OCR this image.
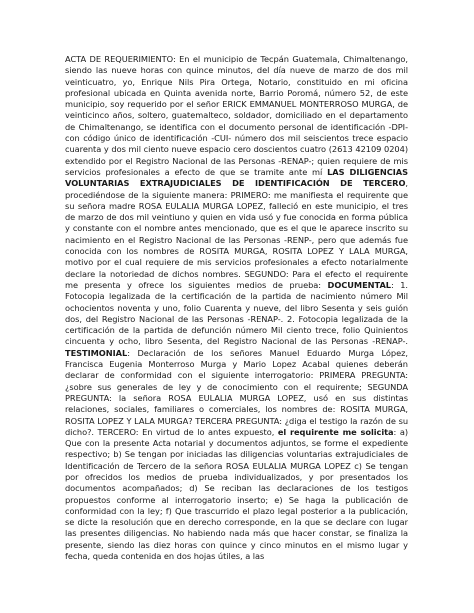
ACTA DE REQUERIMIENTO: En el municipio de Tecpán Guatemala, Chimaltenango, siendo las nueve horas con quince minutos, del día nueve de marzo de dos mil veinticuatro, yo, Enrique Nils Pira Ortega, Notario, constituido en mi oficina profesional ubicada en Quinta avenida norte, Barrio Poromá, número 52, de este municipio, soy requerido por el señor ERICK EMMANUEL MONTERROSO MURGA, de veinticinco años, soltero, guatemalteco, soldador, domiciliado en el departamento de Chimaltenango, se identifica con el documento personal de identificación -DPI- con código único de identificación -CUI- número dos mil seiscientos trece espacio cuarenta y dos mil ciento nueve espacio cero doscientos cuatro (2613 42109 0204) extendido por el Registro Nacional de las Personas -RENAP-; quien requiere de mis servicios profesionales a efecto de que se tramite ante mí LAS DILIGENCIAS VOLUNTARIAS EXTRAJUDICIALES DE IDENTIFICACIÓN DE TERCERO, procediéndose de la siguiente manera: PRIMERO: me manifiesta el requirente que su señora madre ROSA EULALIA MURGA LOPEZ, falleció en este municipio, el tres de marzo de dos mil veintiuno y quien en vida usó y fue conocida en forma pública y constante con el nombre antes mencionado, que es el que le aparece inscrito su nacimiento en el Registro Nacional de las Personas -RENP-, pero que además fue conocida con los nombres de ROSITA MURGA, ROSITA LOPEZ Y LALA MURGA, motivo por el cual requiere de mis servicios profesionales a efecto notarialmente declare la notoriedad de dichos nombres. SEGUNDO: Para el efecto el requirente me presenta y ofrece los siguientes medios de prueba: DOCUMENTAL: 1. Fotocopia legalizada de la certificación de la partida de nacimiento número Mil ochocientos noventa y uno, folio Cuarenta y nueve, del libro Sesenta y seis guión dos, del Registro Nacional de las Personas -RENAP-. 2. Fotocopia legalizada de la certificación de la partida de defunción número Mil ciento trece, folio Quinientos cincuenta y ocho, libro Sesenta, del Registro Nacional de las Personas -RENAP-. TESTIMONIAL: Declaración de los señores Manuel Eduardo Murga López, Francisca Eugenia Monterroso Murga y Mario Lopez Acabal quienes deberán declarar de conformidad con el siguiente interrogatorio: PRIMERA PREGUNTA: ¿sobre sus generales de ley y de conocimiento con el requirente; SEGUNDA PREGUNTA: la señora ROSA EULALIA MURGA LOPEZ, usó en sus distintas relaciones, sociales, familiares o comerciales, los nombres de: ROSITA MURGA, ROSITA LOPEZ Y LALA MURGA? TERCERA PREGUNTA: ¿diga el testigo la razón de su dicho?. TERCERO: En virtud de lo antes expuesto, el requirente me solicita: a) Que con la presente Acta notarial y documentos adjuntos, se forme el expediente respectivo; b) Se tengan por iniciadas las diligencias voluntarias extrajudiciales de Identificación de Tercero de la señora ROSA EULALIA MURGA LOPEZ c) Se tengan por ofrecidos los medios de prueba individualizados, y por presentados los documentos acompañados; d) Se reciban las declaraciones de los testigos propuestos conforme al interrogatorio inserto; e) Se haga la publicación de conformidad con la ley; f) Que trascurrido el plazo legal posterior a la publicación, se dicte la resolución que en derecho corresponde, en la que se declare con lugar las presentes diligencias. No habiendo nada más que hacer constar, se finaliza la presente, siendo las diez horas con quince y cinco minutos en el mismo lugar y fecha, queda contenida en dos hojas útiles, a las
